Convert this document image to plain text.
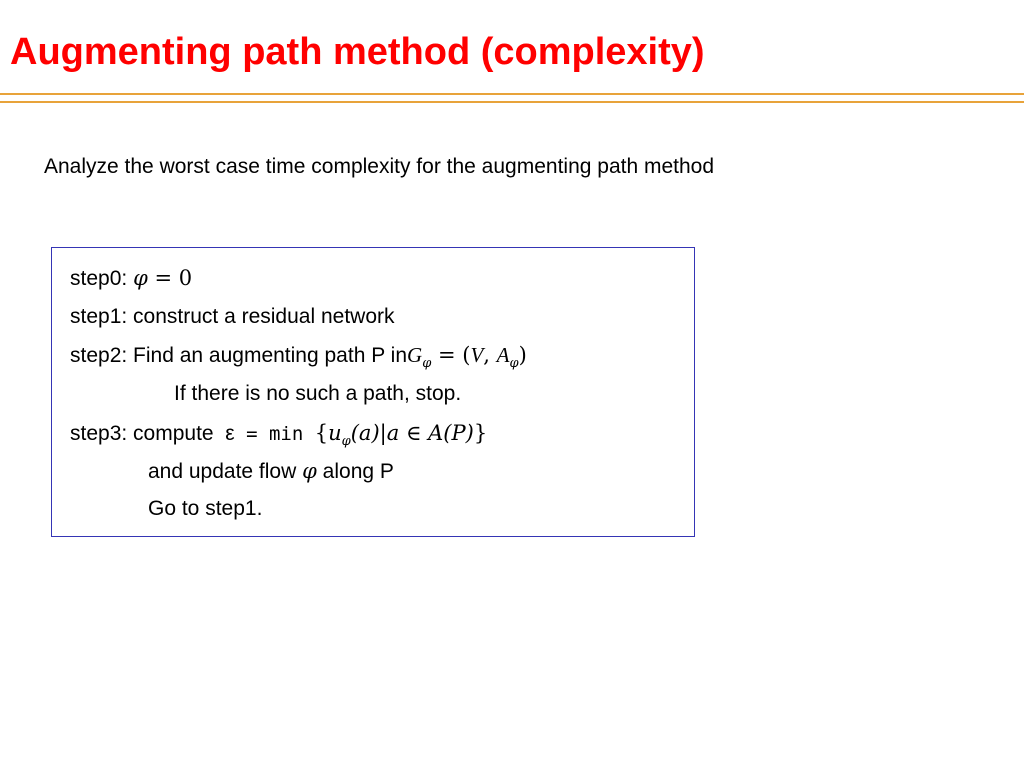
Augmenting path method (complexity)
Analyze the worst case time complexity for the augmenting path method
step0: φ = 0
step1: construct a residual network
step2: Find an augmenting path P inG$_\varphi$ = (V, $A_\varphi$)
If there is no such a path, stop.
step3: compute $\varepsilon = \min \{u_\varphi(a)|a$ ∈ A(P)}
and update flow φ along P
Go to step1.
